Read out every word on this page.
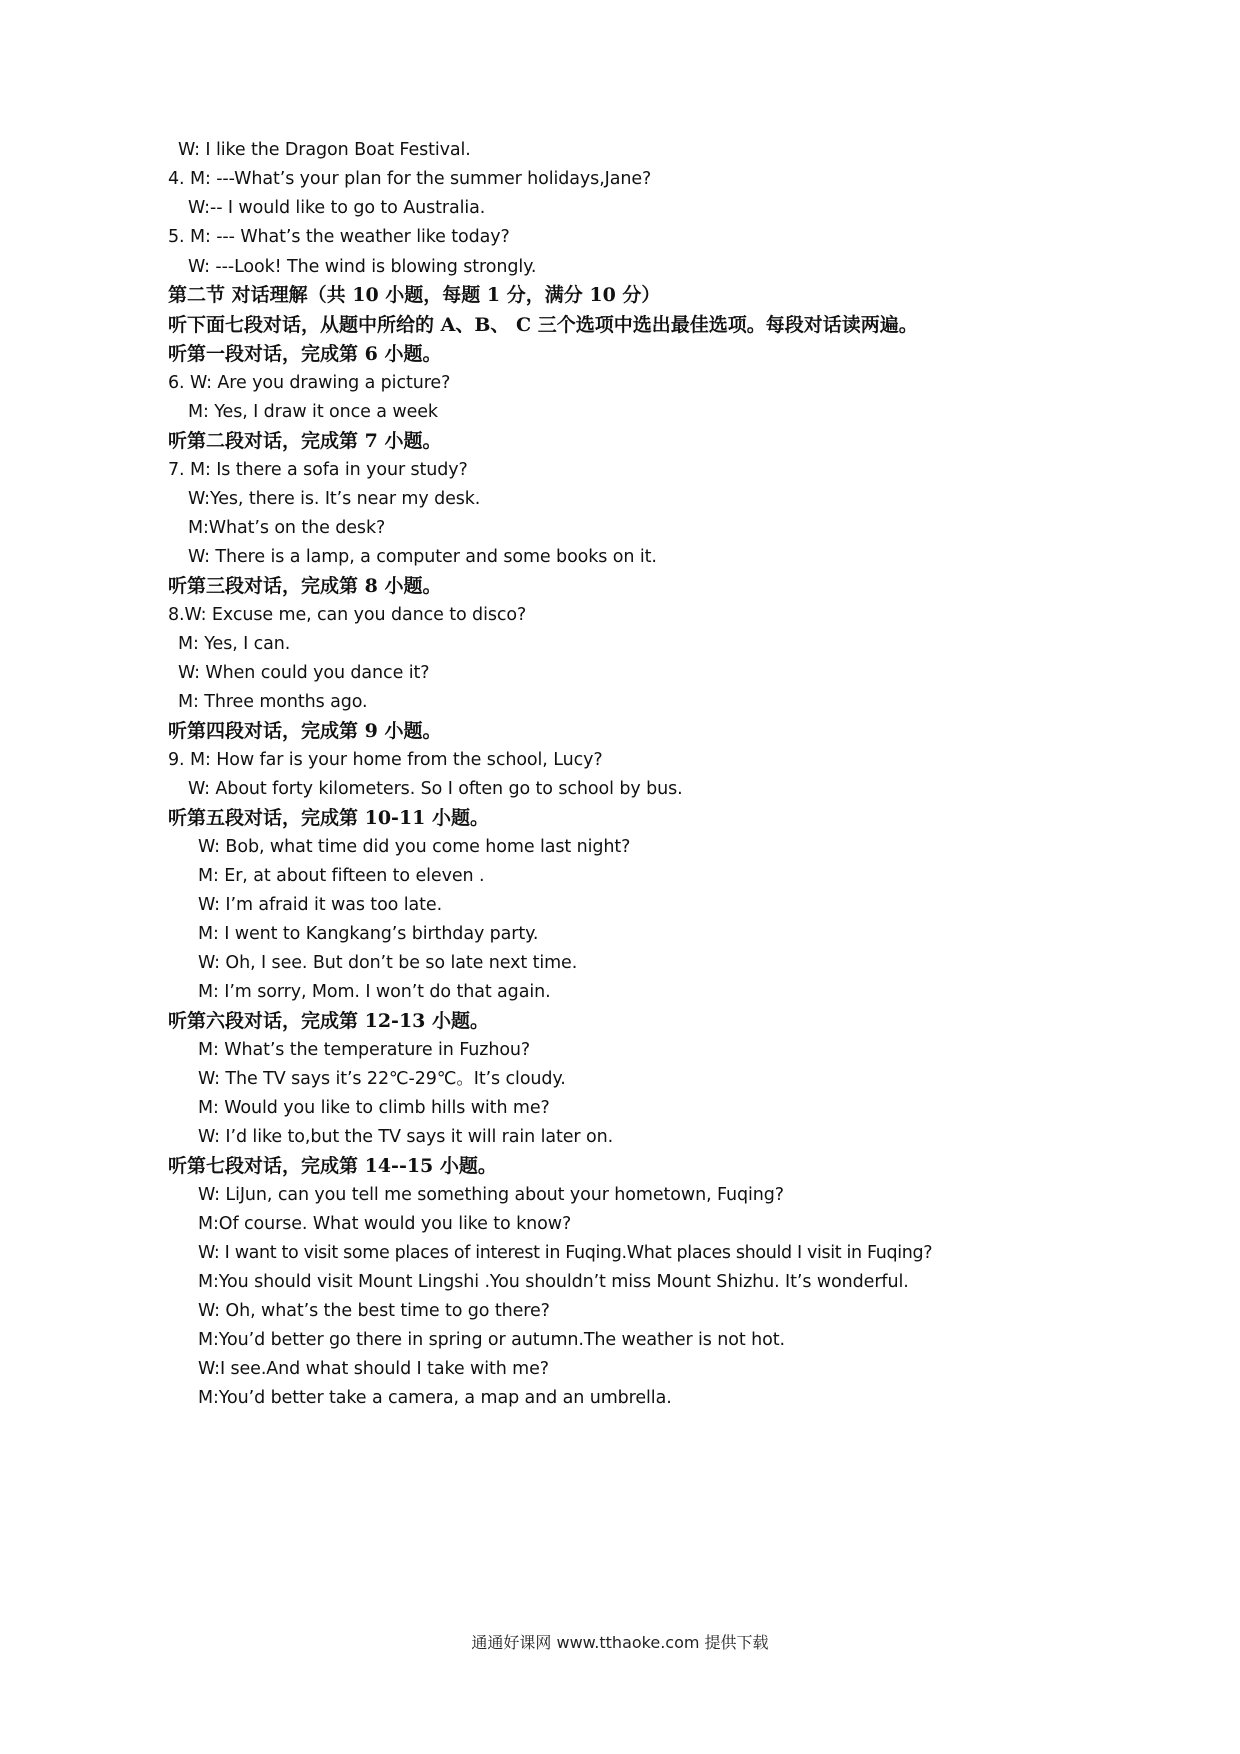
W: I like the Dragon Boat Festival.
4. M: ---What’s your plan for the summer holidays,Jane?
W:-- I would like to go to Australia.
5. M: --- What’s the weather like today?
W: ---Look! The wind is blowing strongly.
第二节 对话理解（共 10 小题，每题 1 分，满分 10 分）
听下面七段对话，从题中所给的 A、B、 C 三个选项中选出最佳选项。每段对话读两遍。
听第一段对话，完成第 6 小题。
6. W: Are you drawing a picture?
M: Yes, I draw it once a week
听第二段对话，完成第 7 小题。
7. M: Is there a sofa in your study?
W:Yes, there is. It’s near my desk.
M:What’s on the desk?
W: There is a lamp, a computer and some books on it.
听第三段对话，完成第 8 小题。
8.W: Excuse me, can you dance to disco?
M: Yes, I can.
W: When could you dance it?
M: Three months ago.
听第四段对话，完成第 9 小题。
9. M: How far is your home from the school, Lucy?
W: About forty kilometers. So I often go to school by bus.
听第五段对话，完成第 10-11 小题。
W: Bob, what time did you come home last night?
M: Er, at about fifteen to eleven .
W: I’m afraid it was too late.
M: I went to Kangkang’s birthday party.
W: Oh, I see. But don’t be so late next time.
M: I’m sorry, Mom. I won’t do that again.
听第六段对话，完成第 12-13 小题。
M: What’s the temperature in Fuzhou?
W: The TV says it’s 22℃-29℃。It’s cloudy.
M: Would you like to climb hills with me?
W: I’d like to,but the TV says it will rain later on.
听第七段对话，完成第 14--15 小题。
W: LiJun, can you tell me something about your hometown, Fuqing?
M:Of course. What would you like to know?
W: I want to visit some places of interest in Fuqing.What places should I visit in Fuqing?
M:You should visit Mount Lingshi .You shouldn’t miss Mount Shizhu. It’s wonderful.
W: Oh, what’s the best time to go there?
M:You’d better go there in spring or autumn.The weather is not hot.
W:I see.And what should I take with me?
M:You’d better take a camera, a map and an umbrella.
通通好课网 www.tthaoke.com 提供下载
